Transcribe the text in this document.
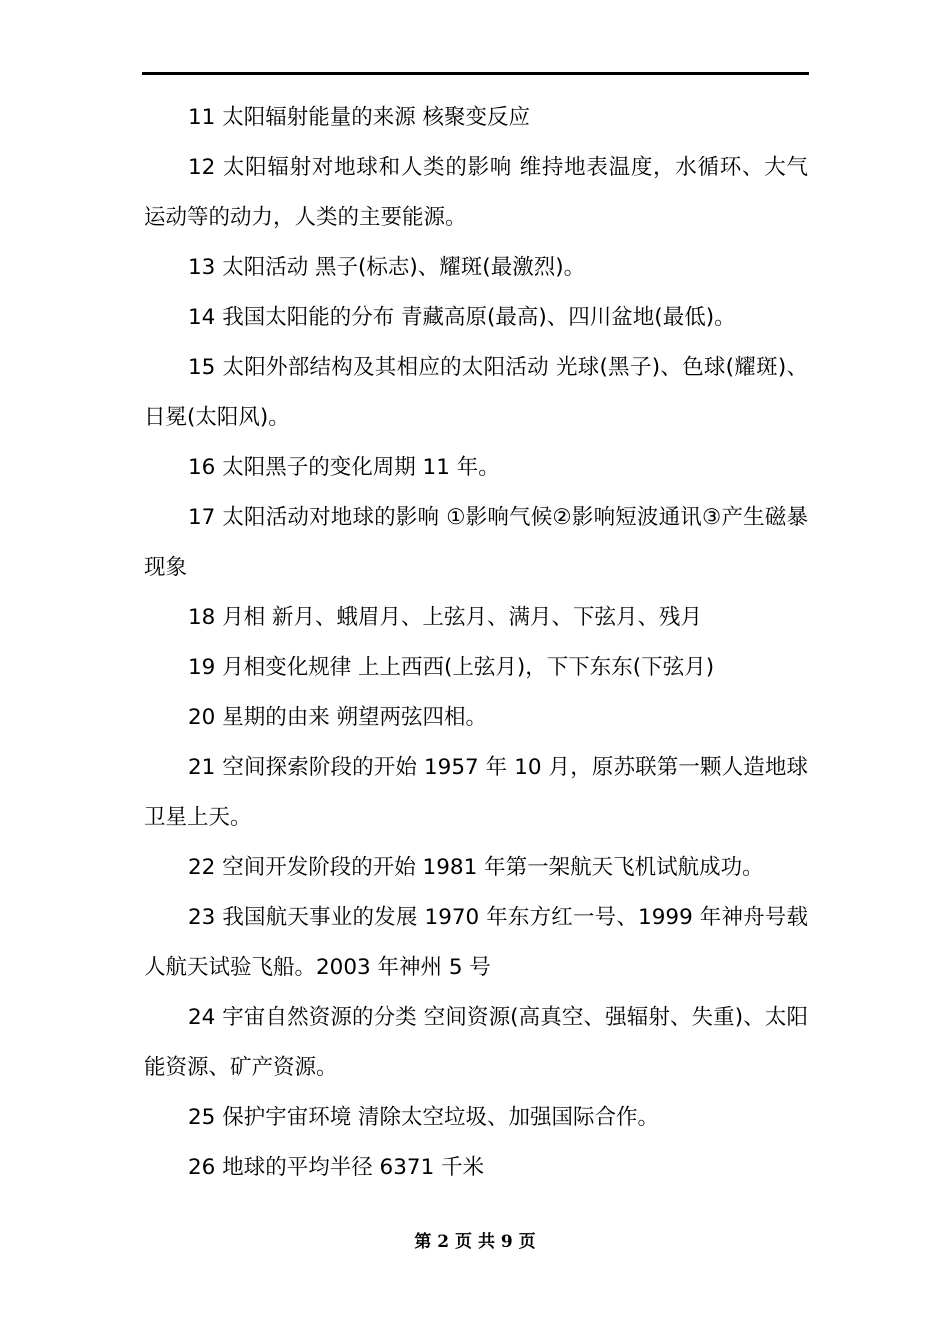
11 太阳辐射能量的来源 核聚变反应

12 太阳辐射对地球和人类的影响 维持地表温度，水循环、大气运动等的动力，人类的主要能源。

13 太阳活动 黑子(标志)、耀斑(最激烈)。

14 我国太阳能的分布 青藏高原(最高)、四川盆地(最低)。

15 太阳外部结构及其相应的太阳活动 光球(黑子)、色球(耀斑)、日冕(太阳风)。

16 太阳黑子的变化周期 11 年。

17 太阳活动对地球的影响 ①影响气候②影响短波通讯③产生磁暴现象

18 月相 新月、蛾眉月、上弦月、满月、下弦月、残月

19 月相变化规律 上上西西(上弦月)，下下东东(下弦月)

20 星期的由来 朔望两弦四相。

21 空间探索阶段的开始 1957 年 10 月，原苏联第一颗人造地球卫星上天。

22 空间开发阶段的开始 1981 年第一架航天飞机试航成功。

23 我国航天事业的发展 1970 年东方红一号、1999 年神舟号载人航天试验飞船。2003 年神州 5 号

24 宇宙自然资源的分类 空间资源(高真空、强辐射、失重)、太阳能资源、矿产资源。

25 保护宇宙环境 清除太空垃圾、加强国际合作。

26 地球的平均半径 6371 千米

第 2 页 共 9 页
